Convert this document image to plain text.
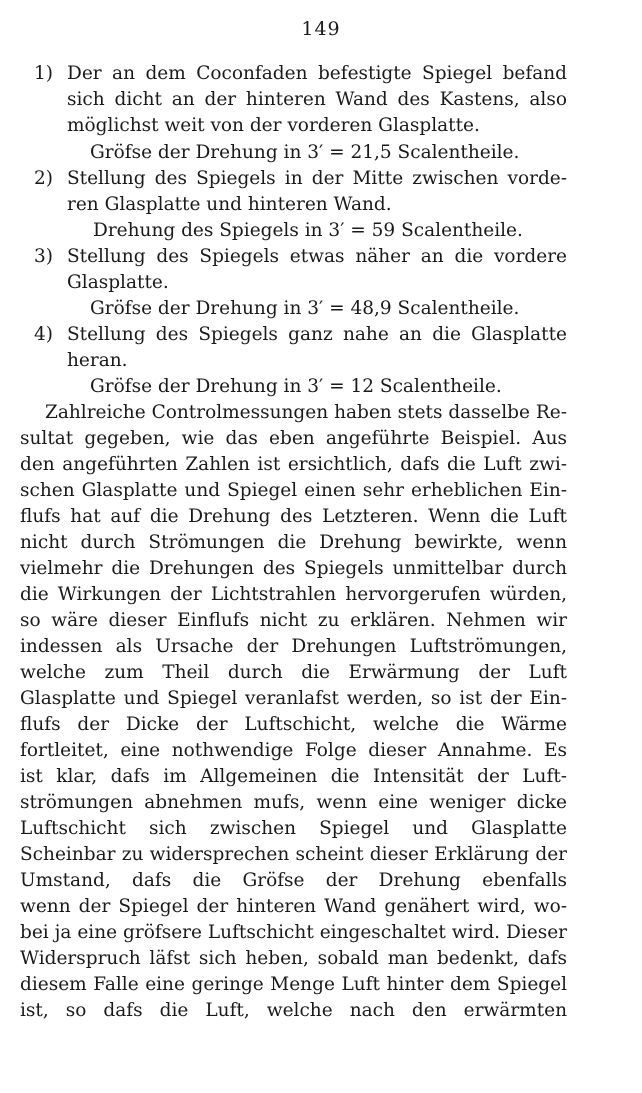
149
1) Der an dem Coconfaden befestigte Spiegel befand
sich dicht an der hinteren Wand des Kastens, also
möglichst weit von der vorderen Glasplatte.
Gröfse der Drehung in 3′ = 21,5 Scalentheile.
2) Stellung des Spiegels in der Mitte zwischen vorde-
ren Glasplatte und hinteren Wand.
Drehung des Spiegels in 3′ = 59 Scalentheile.
3) Stellung des Spiegels etwas näher an die vordere
Glasplatte.
Gröfse der Drehung in 3′ = 48,9 Scalentheile.
4) Stellung des Spiegels ganz nahe an die Glasplatte
heran.
Gröfse der Drehung in 3′ = 12 Scalentheile.
Zahlreiche Controlmessungen haben stets dasselbe Re-
sultat gegeben, wie das eben angeführte Beispiel. Aus
den angeführten Zahlen ist ersichtlich, dafs die Luft zwi-
schen Glasplatte und Spiegel einen sehr erheblichen Ein-
flufs hat auf die Drehung des Letzteren. Wenn die Luft
nicht durch Strömungen die Drehung bewirkte, wenn
vielmehr die Drehungen des Spiegels unmittelbar durch
die Wirkungen der Lichtstrahlen hervorgerufen würden,
so wäre dieser Einflufs nicht zu erklären. Nehmen wir
indessen als Ursache der Drehungen Luftströmungen,
welche zum Theil durch die Erwärmung der Luft
Glasplatte und Spiegel veranlafst werden, so ist der Ein-
flufs der Dicke der Luftschicht, welche die Wärme
fortleitet, eine nothwendige Folge dieser Annahme. Es
ist klar, dafs im Allgemeinen die Intensität der Luft-
strömungen abnehmen mufs, wenn eine weniger dicke
Luftschicht sich zwischen Spiegel und Glasplatte
Scheinbar zu widersprechen scheint dieser Erklärung der
Umstand, dafs die Gröfse der Drehung ebenfalls
wenn der Spiegel der hinteren Wand genähert wird, wo-
bei ja eine gröfsere Luftschicht eingeschaltet wird. Dieser
Widerspruch läfst sich heben, sobald man bedenkt, dafs
diesem Falle eine geringe Menge Luft hinter dem Spiegel
ist, so dafs die Luft, welche nach den erwärmten
